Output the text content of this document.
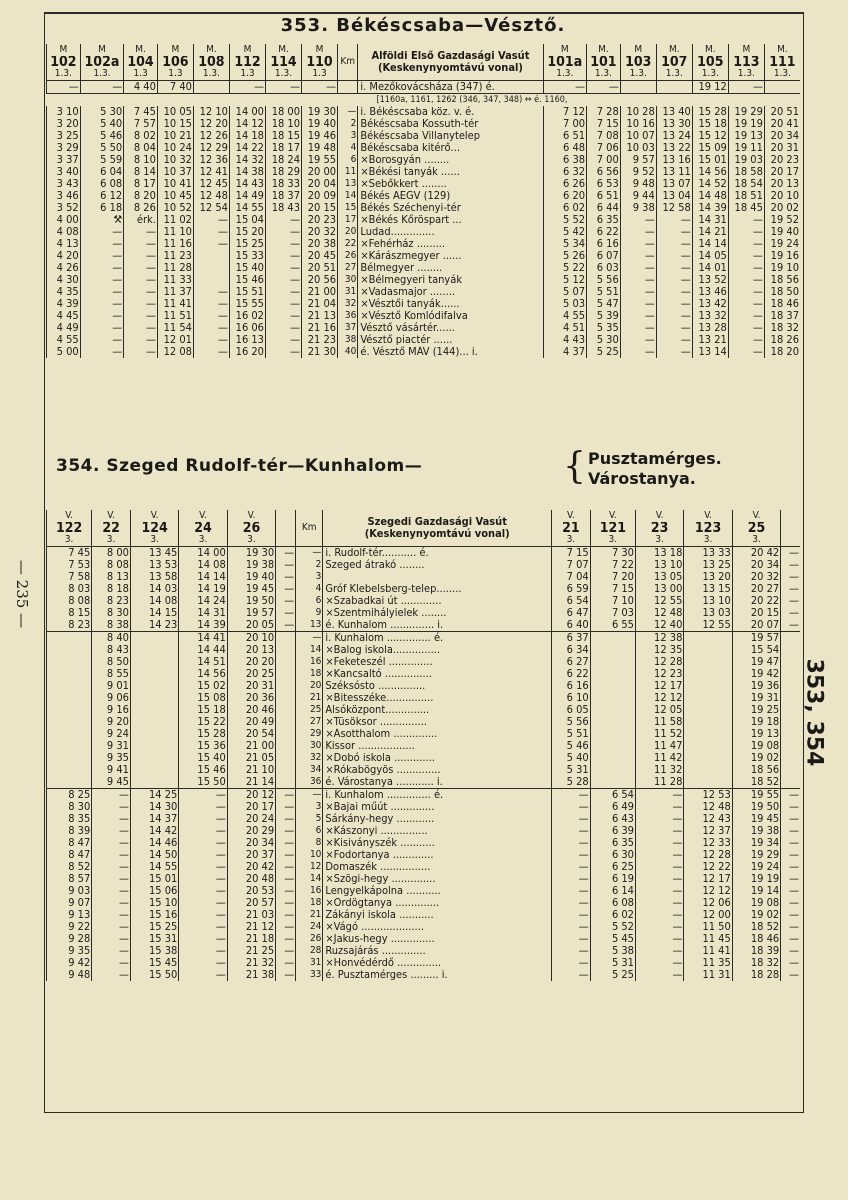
353. Békéscsaba—Vésztő.
M	M	M.	M	M.	M	M.	M	Km	Alföldi Első Gazdasági Vasút
(Keskenynyomtávú vonal)	M	M.	M	M.	M.	M	M.
102	102a	104	106	108	112	114	110			101a	101	103	107	105	113	111
1.3.	1.3.	1.3	1.3	1.3.	1.3	1.3.	1.3			1.3.	1.3.	1.3.	1.3.	1.3.	1.3.	1.3.
—	—	4 40	7 40		—	—	—		i. Mezőkovácsháza (347) é.	—	—			19 12	—	
[1160a, 1161, 1262 (346, 347, 348) ⇔ é. 1160,																
3 10	5 30	7 45	10 05	12 10	14 00	18 00	19 30	—	i. Békéscsaba köz. v. é.	7 12	7 28	10 28	13 40	15 28	19 29	20 51
3 20	5 40	7 57	10 15	12 20	14 12	18 10	19 40	2	Békéscsaba Kossuth-tér	7 00	7 15	10 16	13 30	15 18	19 19	20 41
3 25	5 46	8 02	10 21	12 26	14 18	18 15	19 46	3	Békéscsaba Villanytelep	6 51	7 08	10 07	13 24	15 12	19 13	20 34
3 29	5 50	8 04	10 24	12 29	14 22	18 17	19 48	4	Békéscsaba kitérő...	6 48	7 06	10 03	13 22	15 09	19 11	20 31
3 37	5 59	8 10	10 32	12 36	14 32	18 24	19 55	6	×Borosgyán ........	6 38	7 00	9 57	13 16	15 01	19 03	20 23
3 40	6 04	8 14	10 37	12 41	14 38	18 29	20 00	11	×Békési tanyák ......	6 32	6 56	9 52	13 11	14 56	18 58	20 17
3 43	6 08	8 17	10 41	12 45	14 43	18 33	20 04	13	×Sebőkkert ........	6 26	6 53	9 48	13 07	14 52	18 54	20 13
3 46	6 12	8 20	10 45	12 48	14 49	18 37	20 09	14	Békés AEGV (129)	6 20	6 51	9 44	13 04	14 48	18 51	20 10
3 52	6 18	8 26	10 52	12 54	14 55	18 43	20 15	15	Békés Széchenyi-tér	6 02	6 44	9 38	12 58	14 39	18 45	20 02
4 00	⚒	érk.	11 02	—	15 04	—	20 23	17	×Békés Kőröspart ...	5 52	6 35	—	—	14 31	—	19 52
4 08	—	—	11 10	—	15 20	—	20 32	20	Ludad..............	5 42	6 22	—	—	14 21	—	19 40
4 13	—	—	11 16	—	15 25	—	20 38	22	×Fehérház .........	5 34	6 16	—	—	14 14	—	19 24
4 20	—	—	11 23		15 33	—	20 45	26	×Kárászmegyer ......	5 26	6 07	—	—	14 05	—	19 16
4 26	—	—	11 28		15 40	—	20 51	27	Bélmegyer ........	5 22	6 03	—	—	14 01	—	19 10
4 30	—	—	11 33		15 46	—	20 56	30	×Bélmegyeri tanyák	5 12	5 56	—	—	13 52	—	18 56
4 35	—	—	11 37	—	15 51	—	21 00	31	×Vadasmajor ........	5 07	5 51	—	—	13 46	—	18 50
4 39	—	—	11 41	—	15 55	—	21 04	32	×Vésztői tanyák......	5 03	5 47	—	—	13 42	—	18 46
4 45	—	—	11 51	—	16 02	—	21 13	36	×Vésztő Komlódifalva	4 55	5 39	—	—	13 32	—	18 37
4 49	—	—	11 54	—	16 06	—	21 16	37	Vésztő vásártér......	4 51	5 35	—	—	13 28	—	18 32
4 55	—	—	12 01	—	16 13	—	21 23	38	Vésztő piactér ......	4 43	5 30	—	—	13 21	—	18 26
5 00	—	—	12 08	—	16 20	—	21 30	40	é. Vésztő MÁV (144)... i.	4 37	5 25	—	—	13 14	—	18 20
354. Szeged Rudolf-tér—Kunhalom—	{ Pusztamérges.
Várostanya.
V.	V.	V.	V.	V.		Km	Szegedi Gazdasági Vasút
(Keskenynyomtávú vonal)	V.	V.	V.	V.	V.	
122	22	124	24	26				21	121	23	123	25	
3.	3.	3.	3.	3.				3.	3.	3.	3.	3.	
7 45	8 00	13 45	14 00	19 30	—	—	i. Rudolf-tér........... é.	7 15	7 30	13 18	13 33	20 42	—
7 53	8 08	13 53	14 08	19 38	—	2	Szeged átrakó ........	7 07	7 22	13 10	13 25	20 34	—
7 58	8 13	13 58	14 14	19 40	—	3		7 04	7 20	13 05	13 20	20 32	—
8 03	8 18	14 03	14 19	19 45	—	4	Gróf Klebelsberg-telep........	6 59	7 15	13 00	13 15	20 27	—
8 08	8 23	14 08	14 24	19 50	—	6	×Szabadkai út .............	6 54	7 10	12 55	13 10	20 22	—
8 15	8 30	14 15	14 31	19 57	—	9	×Szentmihályielek ........	6 47	7 03	12 48	13 03	20 15	—
8 23	8 38	14 23	14 39	20 05	—	13	é. Kunhalom .............. i.	6 40	6 55	12 40	12 55	20 07	—
	8 40		14 41	20 10		—	i. Kunhalom .............. é.	6 37		12 38		19 57	
	8 43		14 44	20 13		14	×Balog iskola...............	6 34		12 35		15 54	
	8 50		14 51	20 20		16	×Feketeszél ..............	6 27		12 28		19 47	
	8 55		14 56	20 25		18	×Kancsaltó ...............	6 22		12 23		19 42	
	9 01		15 02	20 31		20	Széksósto ...............	6 16		12 17		19 36	
	9 06		15 08	20 36		21	×Bitesszéke...............	6 10		12 12		19 31	
	9 16		15 18	20 46		25	Alsóközpont..............	6 05		12 05		19 25	
	9 20		15 22	20 49		27	×Tüsöksor ...............	5 56		11 58		19 18	
	9 24		15 28	20 54		29	×Ásotthalom ..............	5 51		11 52		19 13	
	9 31		15 36	21 00		30	Kissor ..................	5 46		11 47		19 08	
	9 35		15 40	21 05		32	×Dobó iskola .............	5 40		11 42		19 02	
	9 41		15 46	21 10		34	×Rókabögyös ..............	5 31		11 32		18 56	
	9 45		15 50	21 14		36	é. Várostanya ............ i.	5 28		11 28		18 52	
8 25	—	14 25	—	20 12	—	—	i. Kunhalom .............. é.	—	6 54	—	12 53	19 55	—
8 30	—	14 30	—	20 17	—	3	×Bajai műút ..............	—	6 49	—	12 48	19 50	—
8 35	—	14 37	—	20 24	—	5	Sárkány-hegy ............	—	6 43	—	12 43	19 45	—
8 39	—	14 42	—	20 29	—	6	×Kászonyi ...............	—	6 39	—	12 37	19 38	—
8 47	—	14 46	—	20 34	—	8	×Kisiványszék ...........	—	6 35	—	12 33	19 34	—
8 47	—	14 50	—	20 37	—	10	×Fodortanya .............	—	6 30	—	12 28	19 29	—
8 52	—	14 55	—	20 42	—	12	Domaszék ................	—	6 25	—	12 22	19 24	—
8 57	—	15 01	—	20 48	—	14	×Szögi-hegy ..............	—	6 19	—	12 17	19 19	—
9 03	—	15 06	—	20 53	—	16	Lengyelkápolna ...........	—	6 14	—	12 12	19 14	—
9 07	—	15 10	—	20 57	—	18	×Ördögtanya ..............	—	6 08	—	12 06	19 08	—
9 13	—	15 16	—	21 03	—	21	Zákányi iskola ...........	—	6 02	—	12 00	19 02	—
9 22	—	15 25	—	21 12	—	24	×Vágó ....................	—	5 52	—	11 50	18 52	—
9 28	—	15 31	—	21 18	—	26	×Jakus-hegy ..............	—	5 45	—	11 45	18 46	—
9 35	—	15 38	—	21 25	—	28	Ruzsajárás ..............	—	5 38	—	11 41	18 39	—
9 42	—	15 45	—	21 32	—	31	×Honvédérdő ..............	—	5 31	—	11 35	18 32	—
9 48	—	15 50	—	21 38	—	33	é. Pusztamérges ......... i.	—	5 25	—	11 31	18 28	—
— 235 —
353, 354
